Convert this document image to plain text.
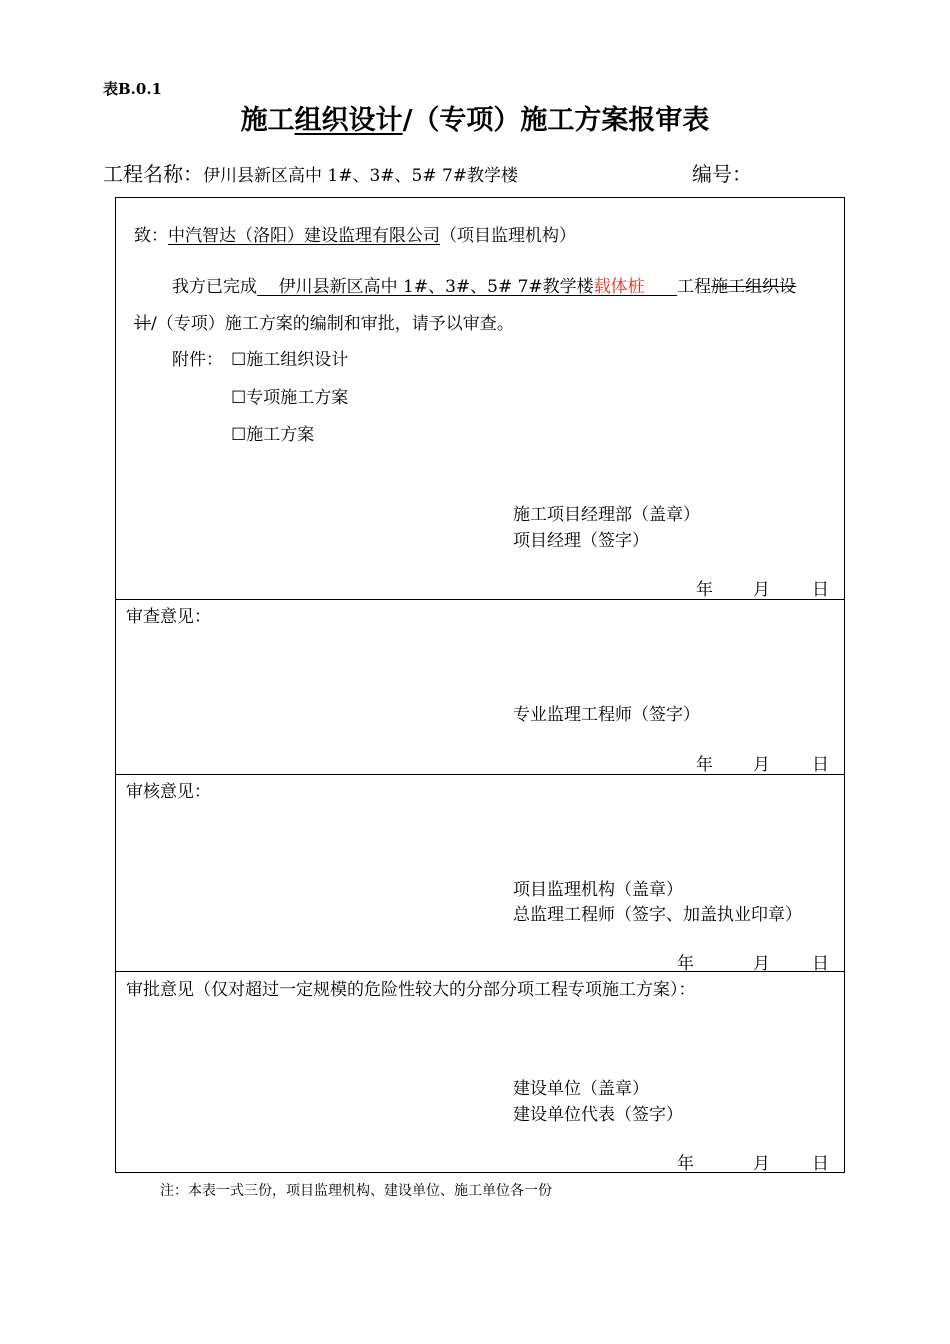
表B.0.1
施工组织设计/（专项）施工方案报审表
工程名称：伊川县新区高中 1#、3#、5# 7#教学楼	编号：
致：中汽智达（洛阳）建设监理有限公司（项目监理机构）
我方已完成 伊川县新区高中 1#、3#、5# 7#教学楼载体桩 工程施工组织设
计/（专项）施工方案的编制和审批，请予以审查。
附件： ☐施工组织设计
☐专项施工方案
☐施工方案
施工项目经理部（盖章）
项目经理（签字）
年 月 日
审查意见：
专业监理工程师（签字）
年 月 日
审核意见：
项目监理机构（盖章）
总监理工程师（签字、加盖执业印章）
年	月 日
审批意见（仅对超过一定规模的危险性较大的分部分项工程专项施工方案）：
建设单位（盖章）
建设单位代表（签字）
年	月 日
注：本表一式三份，项目监理机构、建设单位、施工单位各一份
